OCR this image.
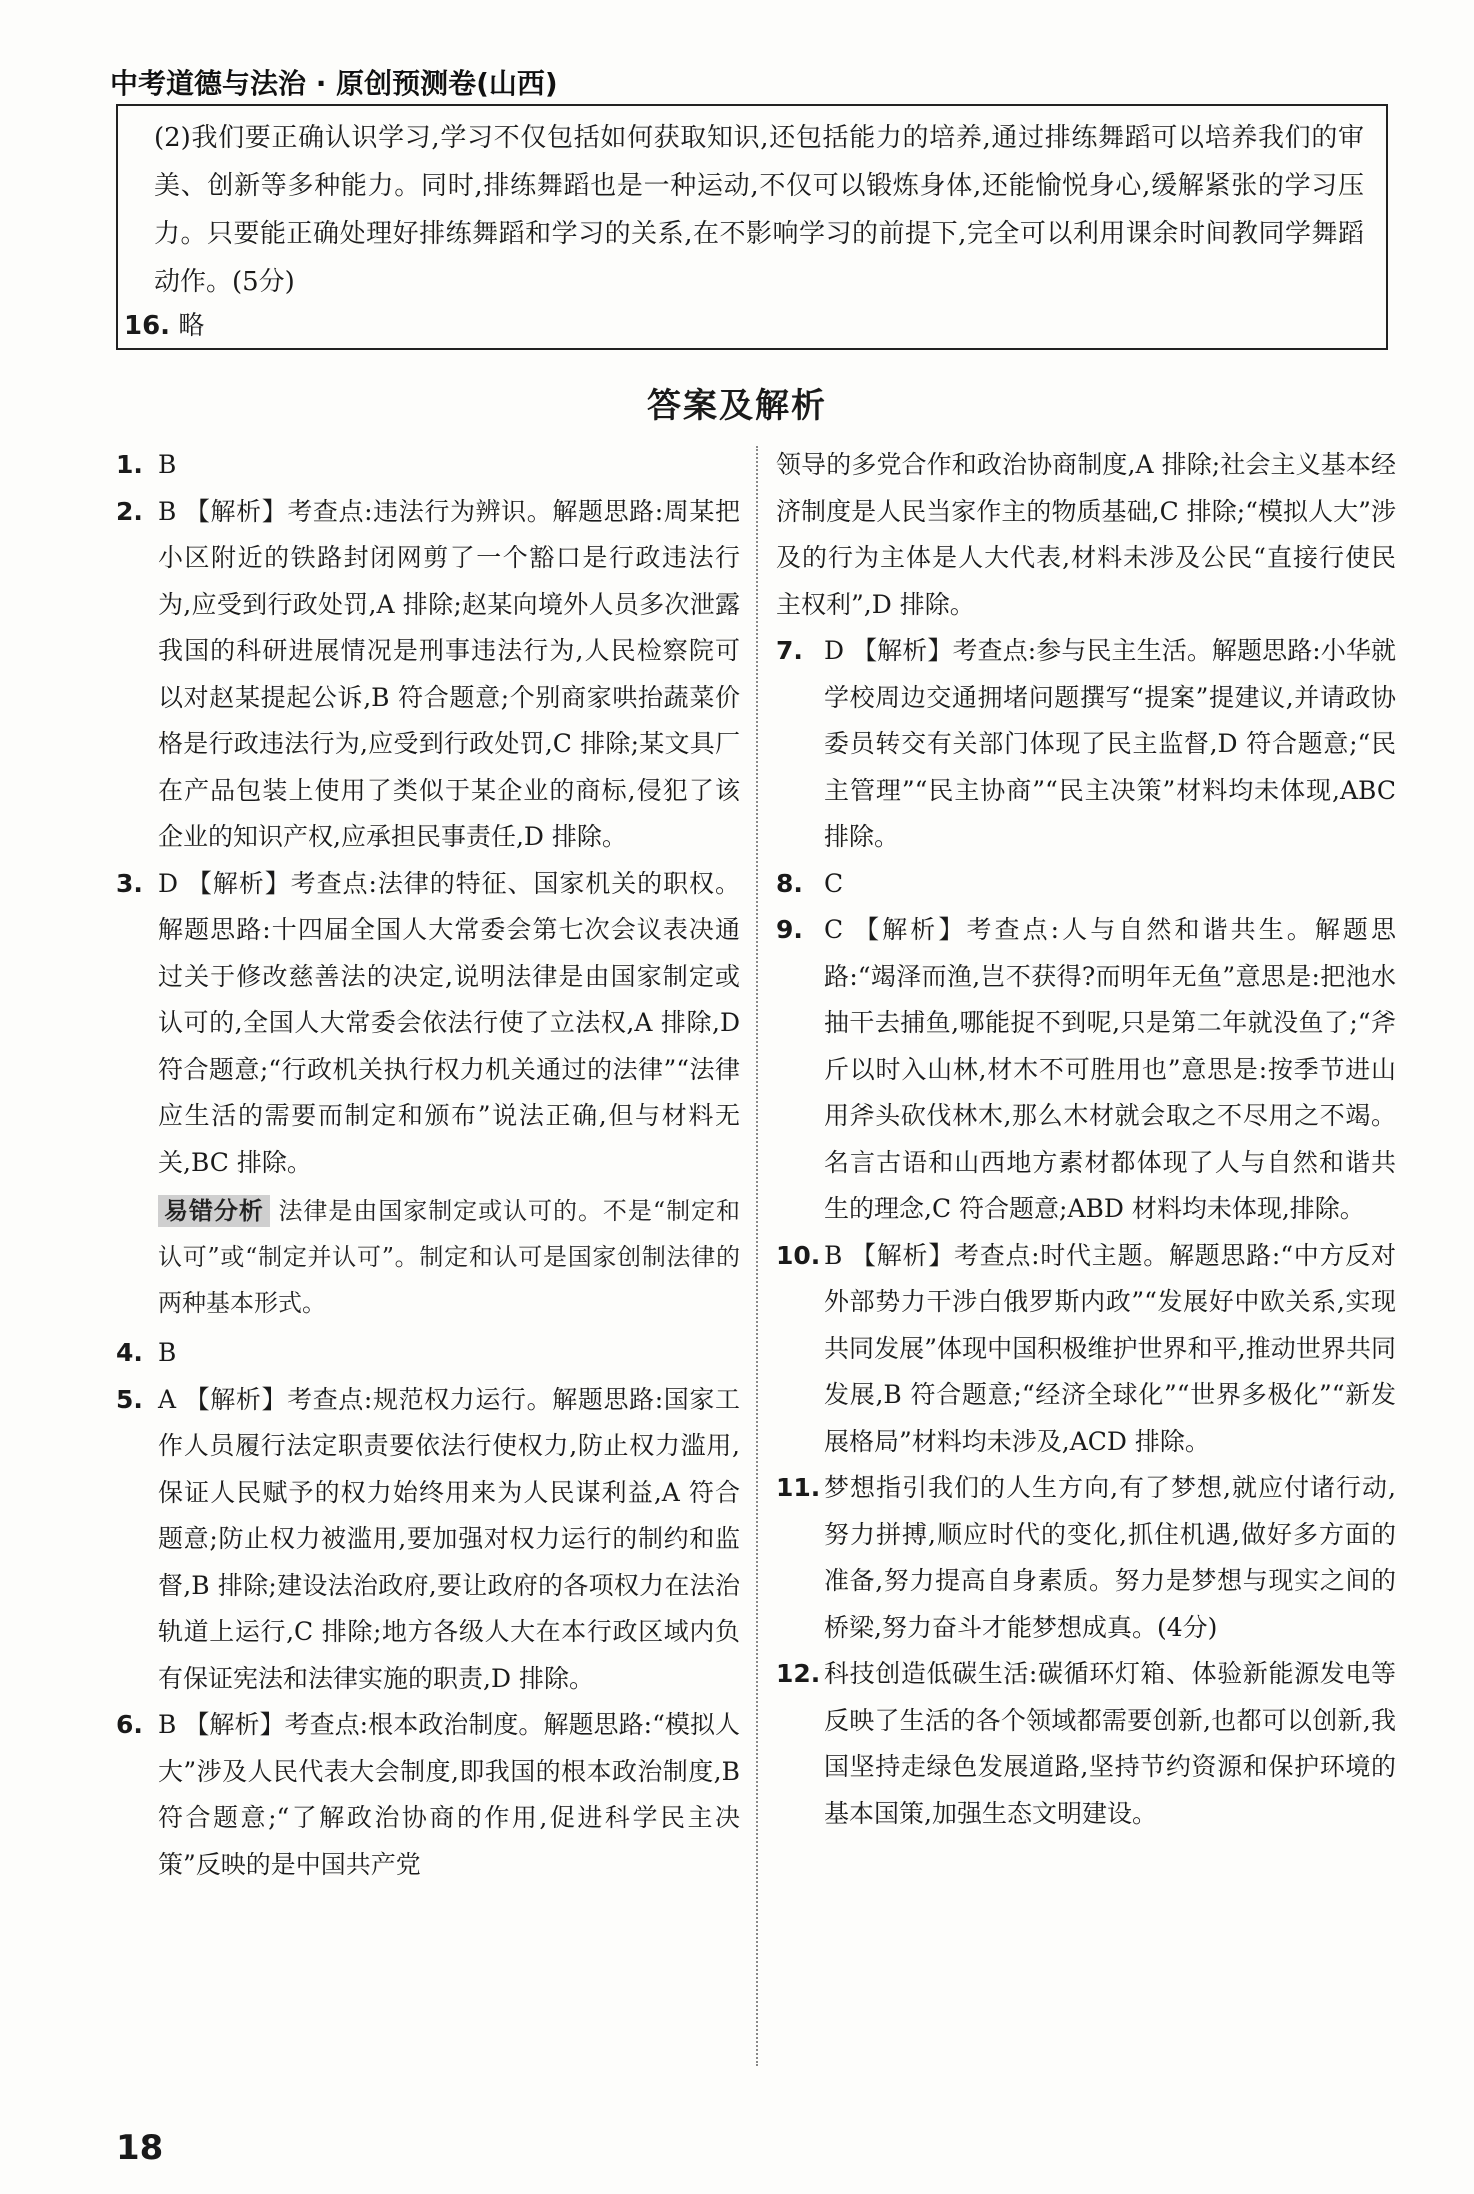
中考道德与法治 · 原创预测卷(山西)
(2)我们要正确认识学习,学习不仅包括如何获取知识,还包括能力的培养,通过排练舞蹈可以培养我们的审美、创新等多种能力。同时,排练舞蹈也是一种运动,不仅可以锻炼身体,还能愉悦身心,缓解紧张的学习压力。只要能正确处理好排练舞蹈和学习的关系,在不影响学习的前提下,完全可以利用课余时间教同学舞蹈动作。(5分)
16. 略
答案及解析
1. B
2. B 【解析】考查点:违法行为辨识。解题思路:周某把小区附近的铁路封闭网剪了一个豁口是行政违法行为,应受到行政处罚,A 排除;赵某向境外人员多次泄露我国的科研进展情况是刑事违法行为,人民检察院可以对赵某提起公诉,B 符合题意;个别商家哄抬蔬菜价格是行政违法行为,应受到行政处罚,C 排除;某文具厂在产品包装上使用了类似于某企业的商标,侵犯了该企业的知识产权,应承担民事责任,D 排除。
3. D 【解析】考查点:法律的特征、国家机关的职权。解题思路:十四届全国人大常委会第七次会议表决通过关于修改慈善法的决定,说明法律是由国家制定或认可的,全国人大常委会依法行使了立法权,A 排除,D 符合题意;“行政机关执行权力机关通过的法律”“法律应生活的需要而制定和颁布”说法正确,但与材料无关,BC 排除。
易错分析 法律是由国家制定或认可的。不是“制定和认可”或“制定并认可”。制定和认可是国家创制法律的两种基本形式。
4. B
5. A 【解析】考查点:规范权力运行。解题思路:国家工作人员履行法定职责要依法行使权力,防止权力滥用,保证人民赋予的权力始终用来为人民谋利益,A 符合题意;防止权力被滥用,要加强对权力运行的制约和监督,B 排除;建设法治政府,要让政府的各项权力在法治轨道上运行,C 排除;地方各级人大在本行政区域内负有保证宪法和法律实施的职责,D 排除。
6. B 【解析】考查点:根本政治制度。解题思路:“模拟人大”涉及人民代表大会制度,即我国的根本政治制度,B 符合题意;“了解政治协商的作用,促进科学民主决策”反映的是中国共产党
领导的多党合作和政治协商制度,A 排除;社会主义基本经济制度是人民当家作主的物质基础,C 排除;“模拟人大”涉及的行为主体是人大代表,材料未涉及公民“直接行使民主权利”,D 排除。
7. D 【解析】考查点:参与民主生活。解题思路:小华就学校周边交通拥堵问题撰写“提案”提建议,并请政协委员转交有关部门体现了民主监督,D 符合题意;“民主管理”“民主协商”“民主决策”材料均未体现,ABC 排除。
8. C
9. C 【解析】考查点:人与自然和谐共生。解题思路:“竭泽而渔,岂不获得?而明年无鱼”意思是:把池水抽干去捕鱼,哪能捉不到呢,只是第二年就没鱼了;“斧斤以时入山林,材木不可胜用也”意思是:按季节进山用斧头砍伐林木,那么木材就会取之不尽用之不竭。名言古语和山西地方素材都体现了人与自然和谐共生的理念,C 符合题意;ABD 材料均未体现,排除。
10. B 【解析】考查点:时代主题。解题思路:“中方反对外部势力干涉白俄罗斯内政”“发展好中欧关系,实现共同发展”体现中国积极维护世界和平,推动世界共同发展,B 符合题意;“经济全球化”“世界多极化”“新发展格局”材料均未涉及,ACD 排除。
11. 梦想指引我们的人生方向,有了梦想,就应付诸行动,努力拼搏,顺应时代的变化,抓住机遇,做好多方面的准备,努力提高自身素质。努力是梦想与现实之间的桥梁,努力奋斗才能梦想成真。(4分)
12. 科技创造低碳生活:碳循环灯箱、体验新能源发电等反映了生活的各个领域都需要创新,也都可以创新,我国坚持走绿色发展道路,坚持节约资源和保护环境的基本国策,加强生态文明建设。
18
